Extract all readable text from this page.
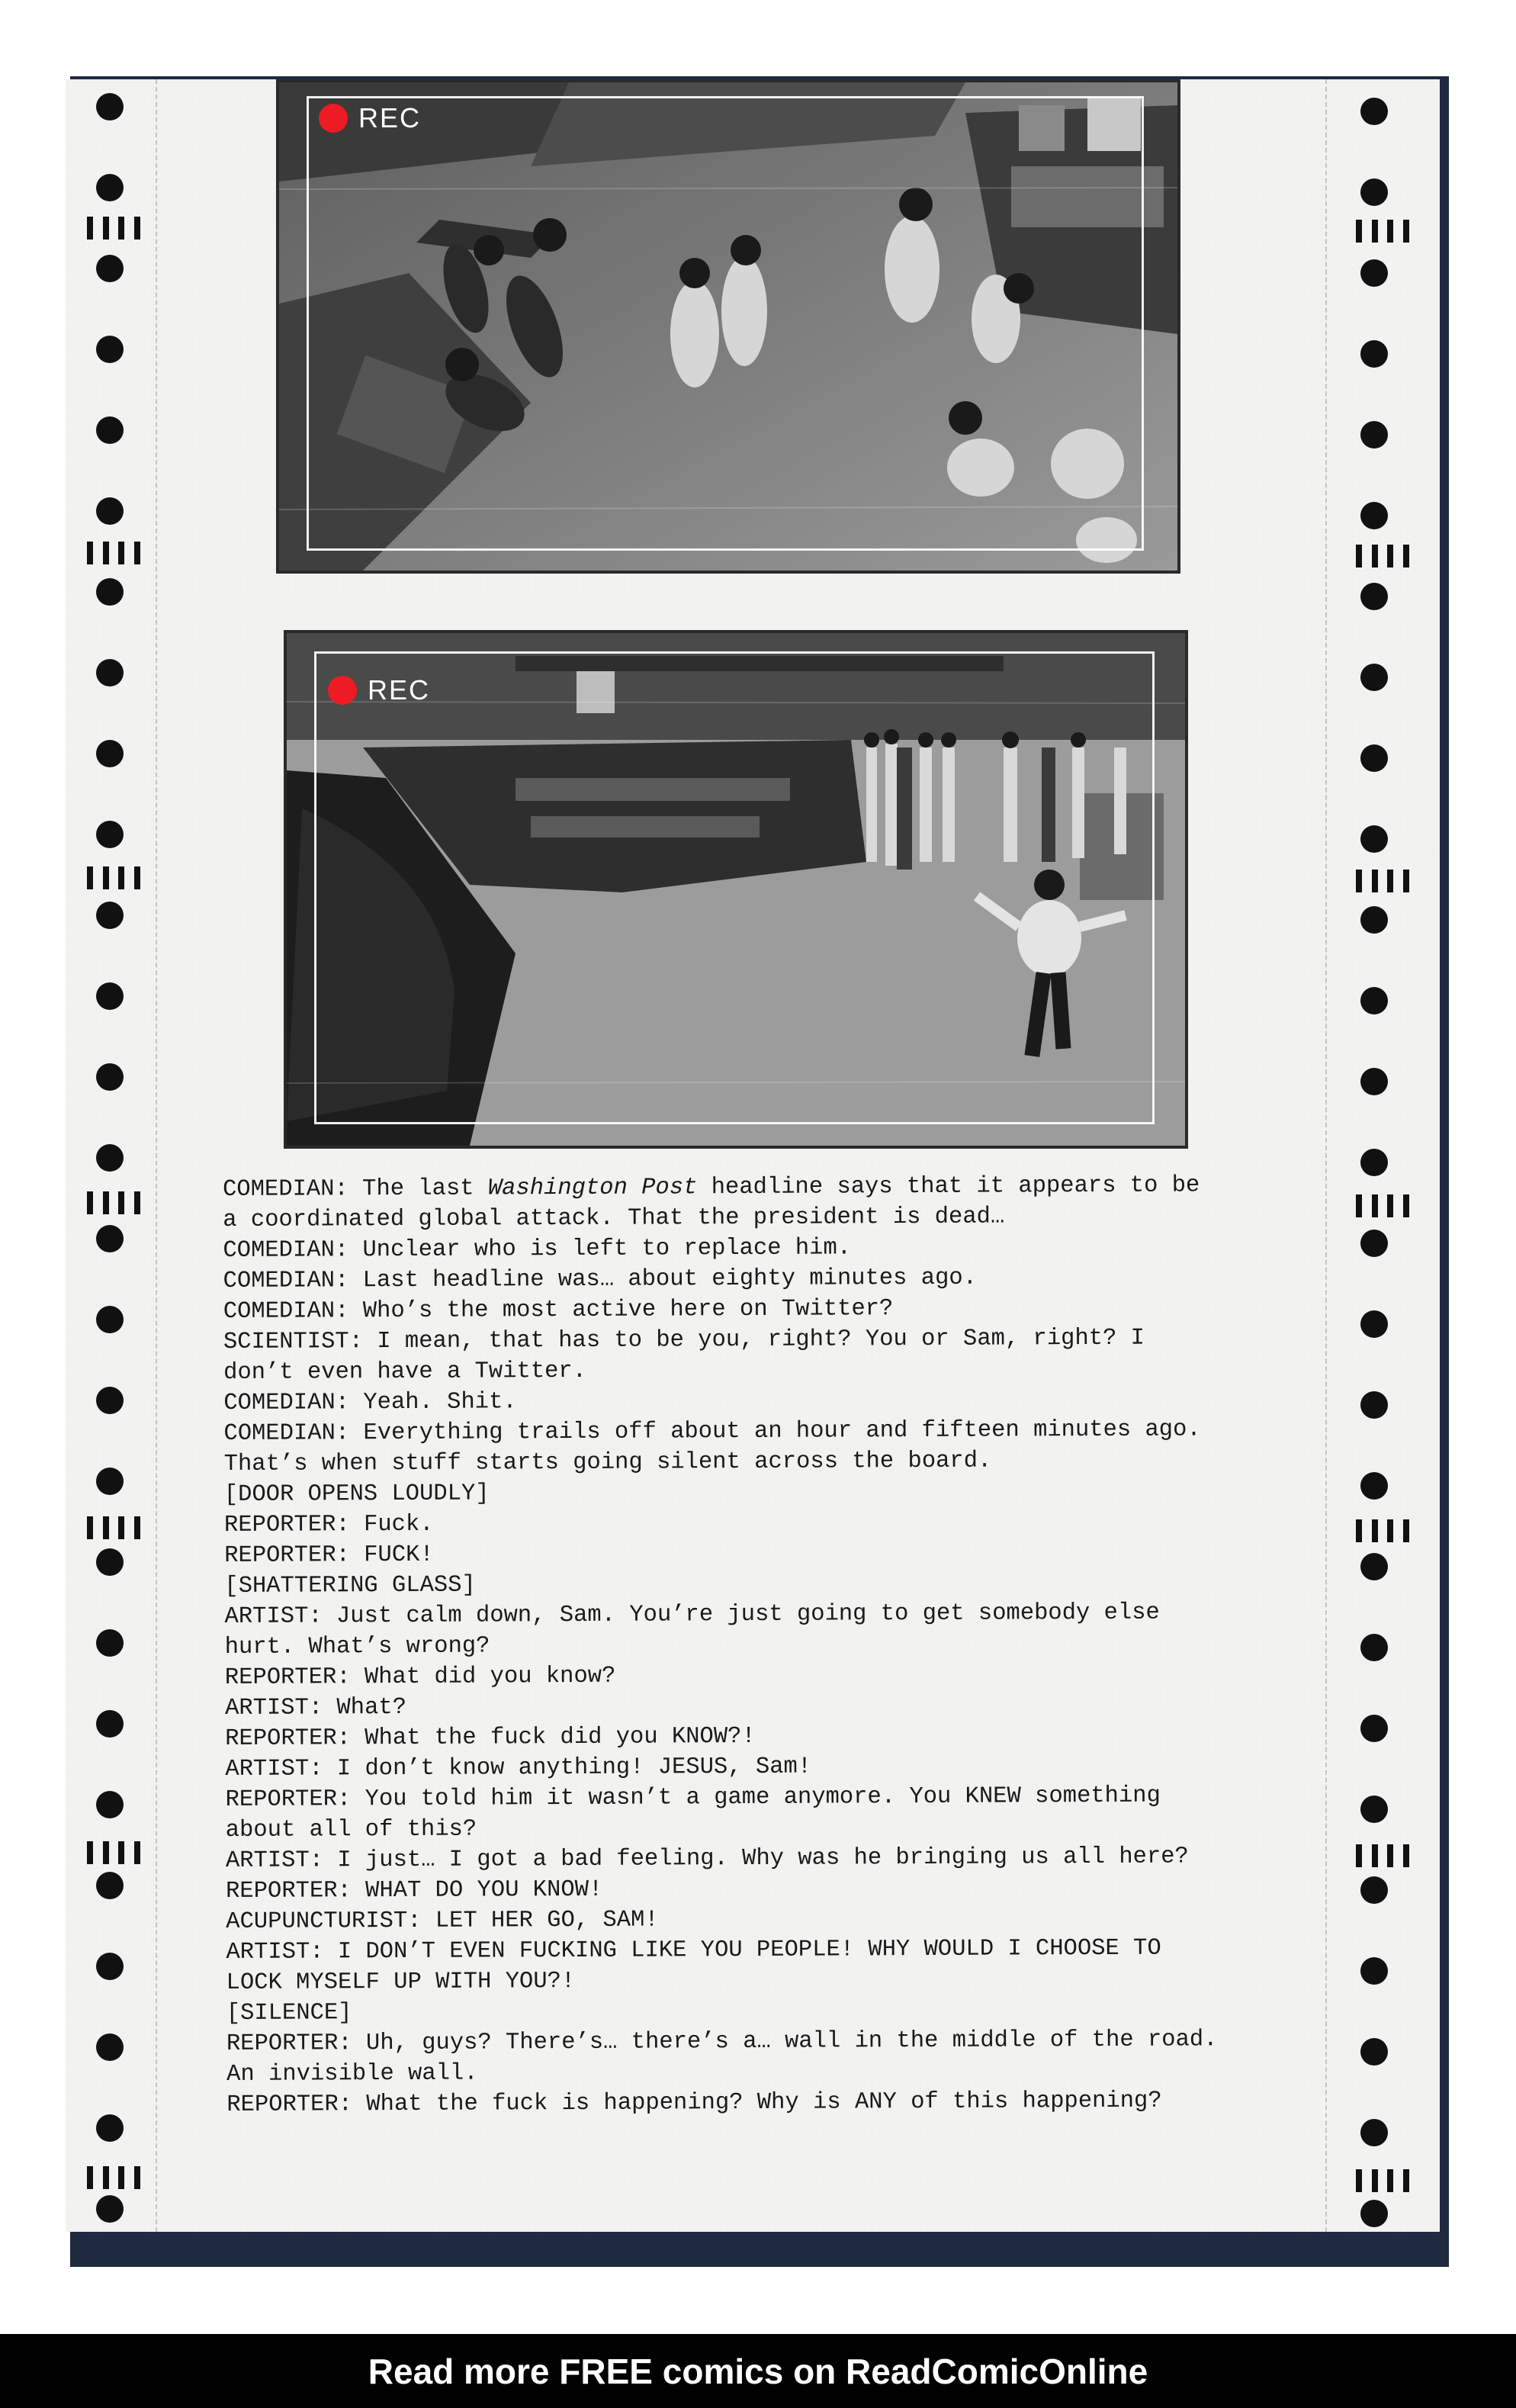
REC
REC
COMEDIAN: The last Washington Post headline says that it appears to be
a coordinated global attack. That the president is dead…
COMEDIAN: Unclear who is left to replace him.
COMEDIAN: Last headline was… about eighty minutes ago.
COMEDIAN: Who’s the most active here on Twitter?
SCIENTIST: I mean, that has to be you, right? You or Sam, right? I
don’t even have a Twitter.
COMEDIAN: Yeah. Shit.
COMEDIAN: Everything trails off about an hour and fifteen minutes ago.
That’s when stuff starts going silent across the board.
[DOOR OPENS LOUDLY]
REPORTER: Fuck.
REPORTER: FUCK!
[SHATTERING GLASS]
ARTIST: Just calm down, Sam. You’re just going to get somebody else
hurt. What’s wrong?
REPORTER: What did you know?
ARTIST: What?
REPORTER: What the fuck did you KNOW?!
ARTIST: I don’t know anything! JESUS, Sam!
REPORTER: You told him it wasn’t a game anymore. You KNEW something
about all of this?
ARTIST: I just… I got a bad feeling. Why was he bringing us all here?
REPORTER: WHAT DO YOU KNOW!
ACUPUNCTURIST: LET HER GO, SAM!
ARTIST: I DON’T EVEN FUCKING LIKE YOU PEOPLE! WHY WOULD I CHOOSE TO
LOCK MYSELF UP WITH YOU?!
[SILENCE]
REPORTER: Uh, guys? There’s… there’s a… wall in the middle of the road.
An invisible wall.
REPORTER: What the fuck is happening? Why is ANY of this happening?
Read more FREE comics on ReadComicOnline
